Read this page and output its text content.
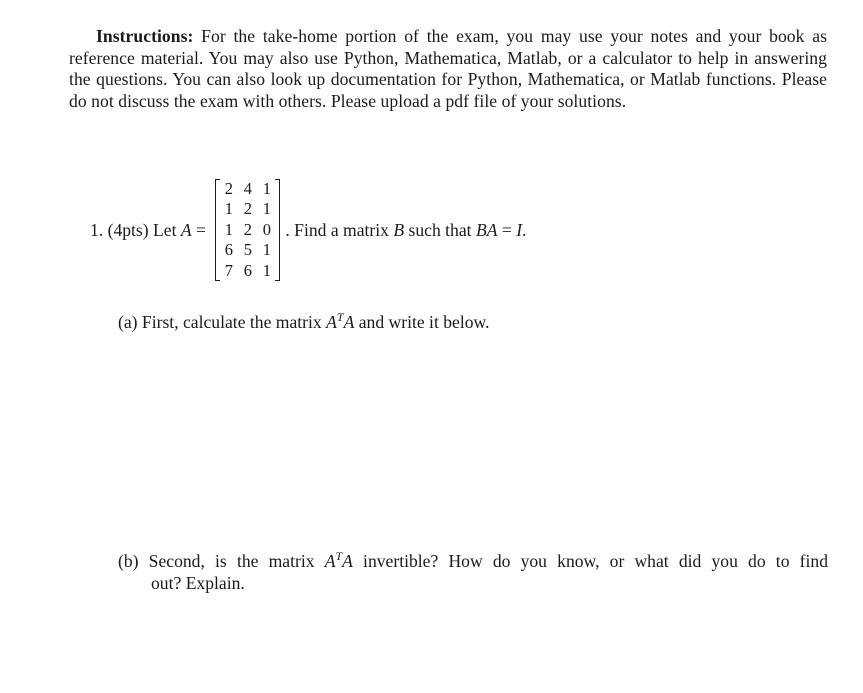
Instructions: For the take-home portion of the exam, you may use your notes and your book as reference material. You may also use Python, Mathematica, Matlab, or a calculator to help in answering the questions. You can also look up documentation for Python, Mathematica, or Matlab functions. Please do not discuss the exam with others. Please upload a pdf file of your solutions.
1. (4pts) Let A =
2	4	1
1	2	1
1	2	0
6	5	1
7	6	1
. Find a matrix B such that BA = I .
(a) First, calculate the matrix $A^TA$ and write it below.
(b) Second, is the matrix $A^TA$ invertible? How do you know, or what did you do to find
out? Explain.
